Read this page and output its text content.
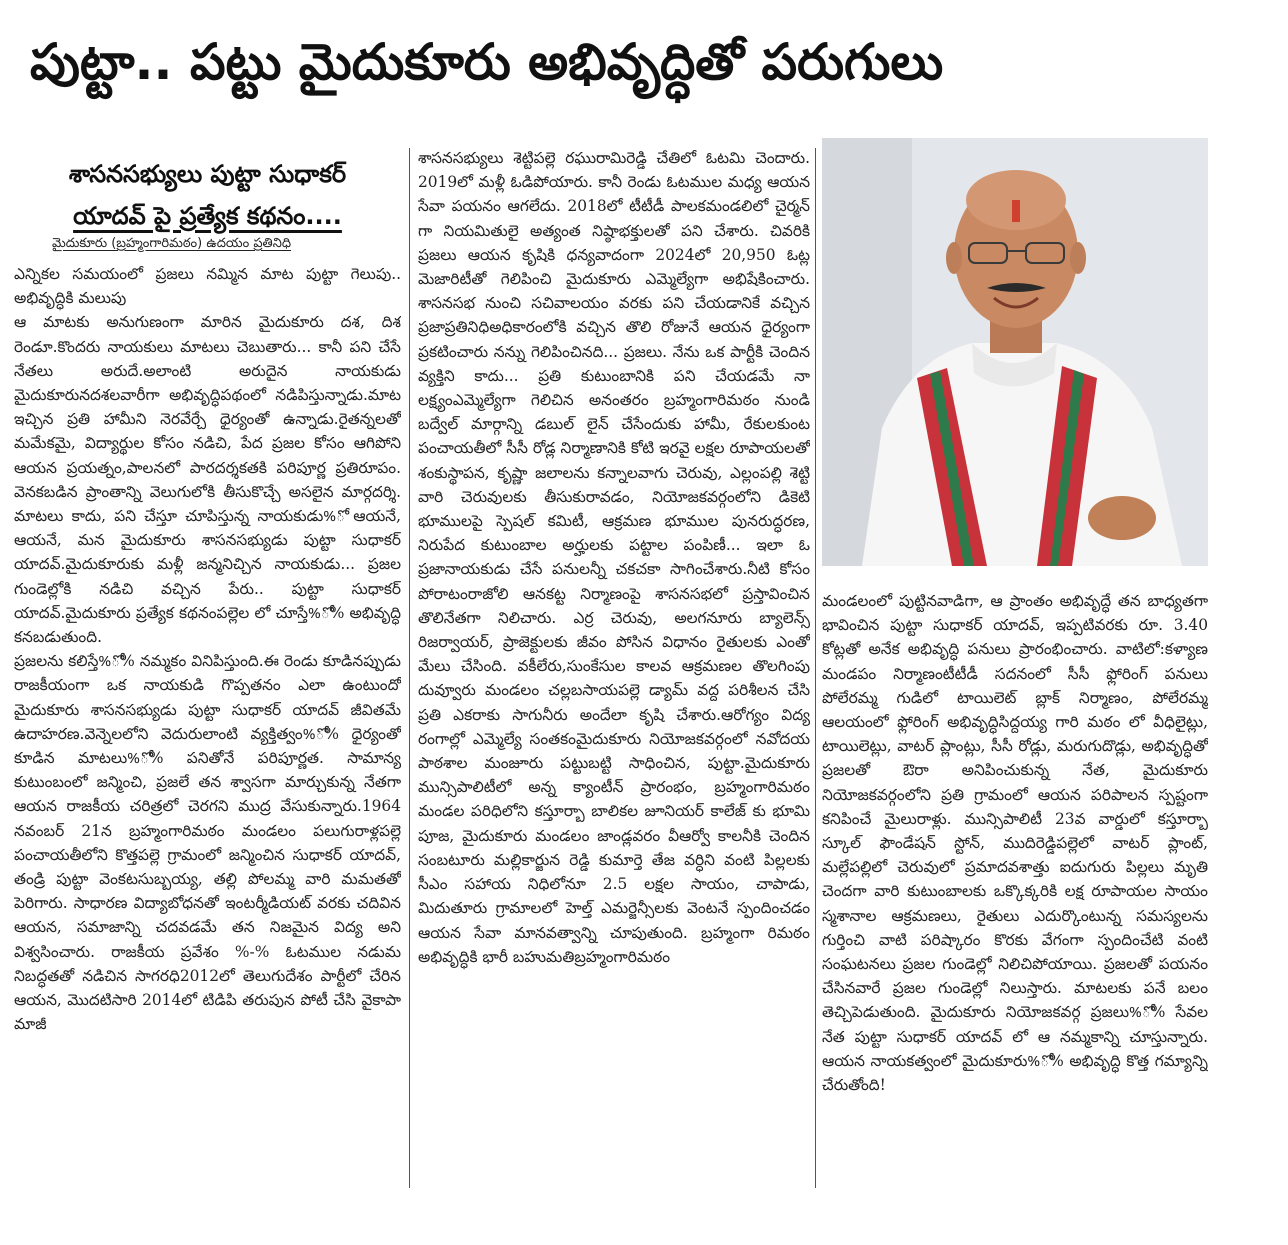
పుట్టా.. పట్టు మైదుకూరు అభివృద్ధితో పరుగులు
శాసనసభ్యులు పుట్టా సుధాకర్
యాదవ్ పై ప్రత్యేక కథనం....
మైదుకూరు (బ్రహ్మంగారిమఠం) ఉదయం ప్రతినిధి

ఎన్నికల సమయంలో ప్రజలు నమ్మిన మాట పుట్టా గెలుపు.. అభివృద్ధికి మలుపు

ఆ మాటకు అనుగుణంగా మారిన మైదుకూరు దశ, దిశ రెండూ.కొందరు నాయకులు మాటలు చెబుతారు... కానీ పని చేసే నేతలు అరుదే.అలాంటి అరుదైన నాయకుడు మైదుకూరునదశలవారీగా అభివృద్ధిపథంలో నడిపిస్తున్నాడు.మాట ఇచ్చిన ప్రతి హామీని నెరవేర్చే ధైర్యంతో ఉన్నాడు.రైతన్నలతో మమేకమై, విద్యార్థుల కోసం నడిచి, పేద ప్రజల కోసం ఆగిపోని ఆయన ప్రయత్నం,పాలనలో పారదర్శకతకి పరిపూర్ణ ప్రతిరూపం. వెనకబడిన ప్రాంతాన్ని వెలుగులోకి తీసుకొచ్చే అసలైన మార్గదర్శి. మాటలు కాదు, పని చేస్తూ చూపిస్తున్న నాయకుడు%ో ఆయనే, ఆయనే, మన మైదుకూరు శాసనసభ్యుడు పుట్టా సుధాకర్ యాదవ్.మైదుకూరుకు మళ్లీ జన్మనిచ్చిన నాయకుడు... ప్రజల గుండెల్లోకి నడిచి వచ్చిన పేరు.. పుట్టా సుధాకర్ యాదవ్.మైదుకూరు ప్రత్యేక కథనంపల్లెల లో చూస్తే%ో% అభివృద్ధి కనబడుతుంది.

ప్రజలను కలిస్తే%ో% నమ్మకం వినిపిస్తుంది.ఈ రెండు కూడినప్పుడు రాజకీయంగా ఒక నాయకుడి గొప్పతనం ఎలా ఉంటుందో మైదుకూరు శాసనసభ్యుడు పుట్టా సుధాకర్ యాదవ్ జీవితమే ఉదాహరణ.వెన్నెలలోని వెదురులాంటి వ్యక్తిత్వం%ో% ధైర్యంతో కూడిన మాటలు%ో% పనితోనే పరిపూర్ణత. సామాన్య కుటుంబంలో జన్మించి, ప్రజలే తన శ్వాసగా మార్చుకున్న నేతగా ఆయన రాజకీయ చరిత్రలో చెరగని ముద్ర వేసుకున్నారు.1964 నవంబర్ 21న బ్రహ్మంగారిమఠం మండలం పలుగురాళ్లపల్లె పంచాయతీలోని కొత్తపల్లె గ్రామంలో జన్మించిన సుధాకర్ యాదవ్, తండ్రి పుట్టా వెంకటసుబ్బయ్య, తల్లి పోలమ్మ వారి మమతతో పెరిగారు. సాధారణ విద్యాబోధనతో ఇంటర్మీడియట్ వరకు చదివిన ఆయన, సమాజాన్ని చదవడమే తన నిజమైన విద్య అని విశ్వసించారు. రాజకీయ ప్రవేశం %-% ఓటముల నడుమ నిబద్ధతతో నడిచిన సాగరధి2012లో తెలుగుదేశం పార్టీలో చేరిన ఆయన, మొదటిసారి 2014లో టిడిపి తరుపున పోటీ చేసి వైకాపా మాజీ

శాసనసభ్యులు శెట్టిపల్లె రఘురామిరెడ్డి చేతిలో ఓటమి చెందారు. 2019లో మళ్లీ ఓడిపోయారు. కానీ రెండు ఓటముల మధ్య ఆయన సేవా పయనం ఆగలేదు. 2018లో టీటీడీ పాలకమండలిలో చైర్మన్ గా నియమితులై అత్యంత నిష్ఠాభక్తులతో పని చేశారు. చివరికి ప్రజలు ఆయన కృషికి ధన్యవాదంగా 2024లో 20,950 ఓట్ల మెజారిటీతో గెలిపించి మైదుకూరు ఎమ్మెల్యేగా అభిషేకించారు. శాసనసభ నుంచి సచివాలయం వరకు పని చేయడానికే వచ్చిన ప్రజాప్రతినిధిఅధికారంలోకి వచ్చిన తొలి రోజునే ఆయన ధైర్యంగా ప్రకటించారు నన్ను గెలిపించినది... ప్రజలు. నేను ఒక పార్టీకి చెందిన వ్యక్తిని కాదు... ప్రతి కుటుంబానికి పని చేయడమే నా లక్ష్యంఎమ్మెల్యేగా గెలిచిన అనంతరం బ్రహ్మంగారిమఠం నుండి బద్వేల్ మార్గాన్ని డబుల్ లైన్ చేసేందుకు హామీ, రేకులకుంట పంచాయతీలో సీసీ రోడ్ల నిర్మాణానికి కోటి ఇరవై లక్షల రూపాయలతో శంకుస్థాపన, కృష్ణా జలాలను కన్నాలవాగు చెరువు, ఎల్లంపల్లి శెట్టి వారి చెరువులకు తీసుకురావడం, నియోజకవర్గంలోని డికెటి భూములపై స్పెషల్ కమిటీ, ఆక్రమణ భూముల పునరుద్ధరణ, నిరుపేద కుటుంబాల అర్హులకు పట్టాల పంపిణీ... ఇలా ఓ ప్రజానాయకుడు చేసే పనులన్నీ చకచకా సాగించేశారు.నీటి కోసం పోరాటంరాజోలి ఆనకట్ట నిర్మాణంపై శాసనసభలో ప్రస్తావించిన తొలినేతగా నిలిచారు. ఎర్ర చెరువు, అలగనూరు బ్యాలెన్స్ రిజర్వాయర్, ప్రాజెక్టులకు జీవం పోసిన విధానం రైతులకు ఎంతో మేలు చేసింది. వకీలేరు,సుంకేసుల కాలవ ఆక్రమణల తొలగింపు దువ్వూరు మండలం చల్లబసాయపల్లె డ్యామ్ వద్ద పరిశీలన చేసి ప్రతి ఎకరాకు సాగునీరు అందేలా కృషి చేశారు.ఆరోగ్యం విద్య రంగాల్లో ఎమ్మెల్యే సంతకంమైదుకూరు నియోజకవర్గంలో నవోదయ పాఠశాల మంజూరు పట్టుబట్టి సాధించిన, పుట్టా.మైదుకూరు మున్సిపాలిటీలో అన్న క్యాంటీన్ ప్రారంభం, బ్రహ్మంగారిమఠం మండల పరిధిలోని కస్తూర్బా బాలికల జూనియర్ కాలేజ్ కు భూమి పూజ, మైదుకూరు మండలం జాండ్లవరం వీఆర్వో కాలనీకి చెందిన సంబటూరు మల్లికార్జున రెడ్డి కుమార్తె తేజ వర్ధిని వంటి పిల్లలకు సీఎం సహాయ నిధిలోనూ 2.5 లక్షల సాయం, చాపాడు, మిదుతూరు గ్రామాలలో హెల్త్ ఎమర్జెన్సీలకు వెంటనే స్పందించడం ఆయన సేవా మానవత్వాన్ని చూపుతుంది. బ్రహ్మంగా రిమఠం అభివృద్ధికి భారీ బహుమతిబ్రహ్మంగారిమఠం

మండలంలో పుట్టినవాడిగా, ఆ ప్రాంతం అభివృద్ధే తన బాధ్యతగా భావించిన పుట్టా సుధాకర్ యాదవ్, ఇప్పటివరకు రూ. 3.40 కోట్లతో అనేక అభివృద్ధి పనులు ప్రారంభించారు. వాటిలో:కళ్యాణ మండపం నిర్మాణంటీటీడీ సదనంలో సీసీ ఫ్లోరింగ్ పనులు పోలేరమ్మ గుడిలో టాయిలెట్ బ్లాక్ నిర్మాణం, పోలేరమ్మ ఆలయంలో ఫ్లోరింగ్ అభివృద్ధిసిద్దయ్య గారి మఠం లో వీధిలైట్లు, టాయిలెట్లు, వాటర్ ప్లాంట్లు, సీసీ రోడ్లు, మరుగుదొడ్లు, అభివృద్ధితో ప్రజలతో ఔరా అనిపించుకున్న నేత, మైదుకూరు నియోజకవర్గంలోని ప్రతి గ్రామంలో ఆయన పరిపాలన స్పష్టంగా కనిపించే మైలురాళ్లు. మున్సిపాలిటీ 23వ వార్డులో కస్తూర్బా స్కూల్ ఫౌండేషన్ స్టోన్, ముదిరెడ్డిపల్లెలో వాటర్ ప్లాంట్, మల్లేపల్లిలో చెరువులో ప్రమాదవశాత్తు ఐదుగురు పిల్లలు మృతి చెందగా వారి కుటుంబాలకు ఒక్కొక్కరికి లక్ష రూపాయల సాయం స్మశానాల ఆక్రమణలు, రైతులు ఎదుర్కొంటున్న సమస్యలను గుర్తించి వాటి పరిష్కారం కొరకు వేగంగా స్పందించేటి వంటి సంఘటనలు ప్రజల గుండెల్లో నిలిచిపోయాయి. ప్రజలతో పయనం చేసినవారే ప్రజల గుండెల్లో నిలుస్తారు. మాటలకు పనే బలం తెచ్చిపెడుతుంది. మైదుకూరు నియోజకవర్గ ప్రజలు%ో% సేవల నేత పుట్టా సుధాకర్ యాదవ్ లో ఆ నమ్మకాన్ని చూస్తున్నారు. ఆయన నాయకత్వంలో మైదుకూరు%ో% అభివృద్ధి కొత్త గమ్యాన్ని చేరుతోంది!
